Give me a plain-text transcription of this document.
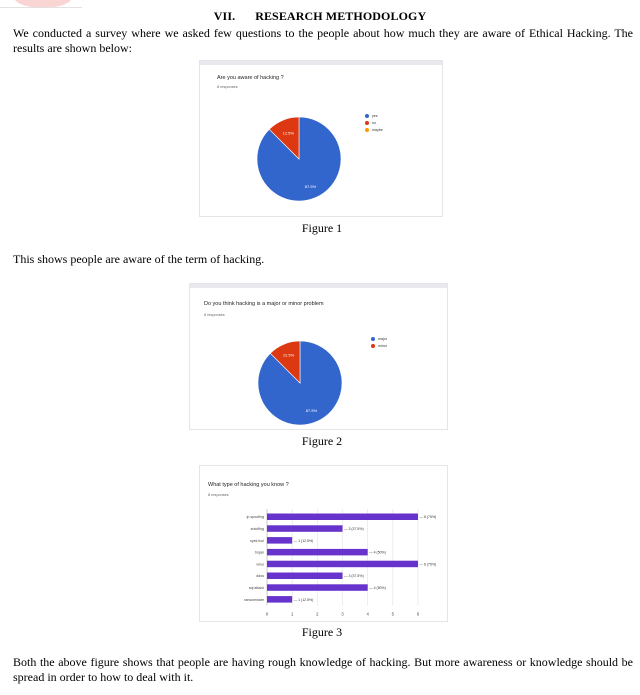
VII. RESEARCH METHODOLOGY

We conducted a survey where we asked few questions to the people about how much they are aware of Ethical Hacking. The results are shown below:

Are you aware of hacking ?
8 responses
87.5%
12.5%
yes
no
maybe
Figure 1

This shows people are aware of the term of hacking.

Do you think hacking is a major or minor problem
8 responses
87.5%
12.5%
major
minor
Figure 2
What type of hacking you know ?
8 responses
0	1	2	3	4	5	6
ip spoofing	— 6 (75%)
sniuffing	— 3 (37.5%)
syek fucl	— 1 (12.5%)
trojan	— 4 (50%)
virus	— 6 (75%)
ddos	— 3 (37.5%)
sql attack	— 4 (50%)
ransomware	— 1 (12.5%)
Figure 3

Both the above figure shows that people are having rough knowledge of hacking. But more awareness or knowledge should be spread in order to how to deal with it.
